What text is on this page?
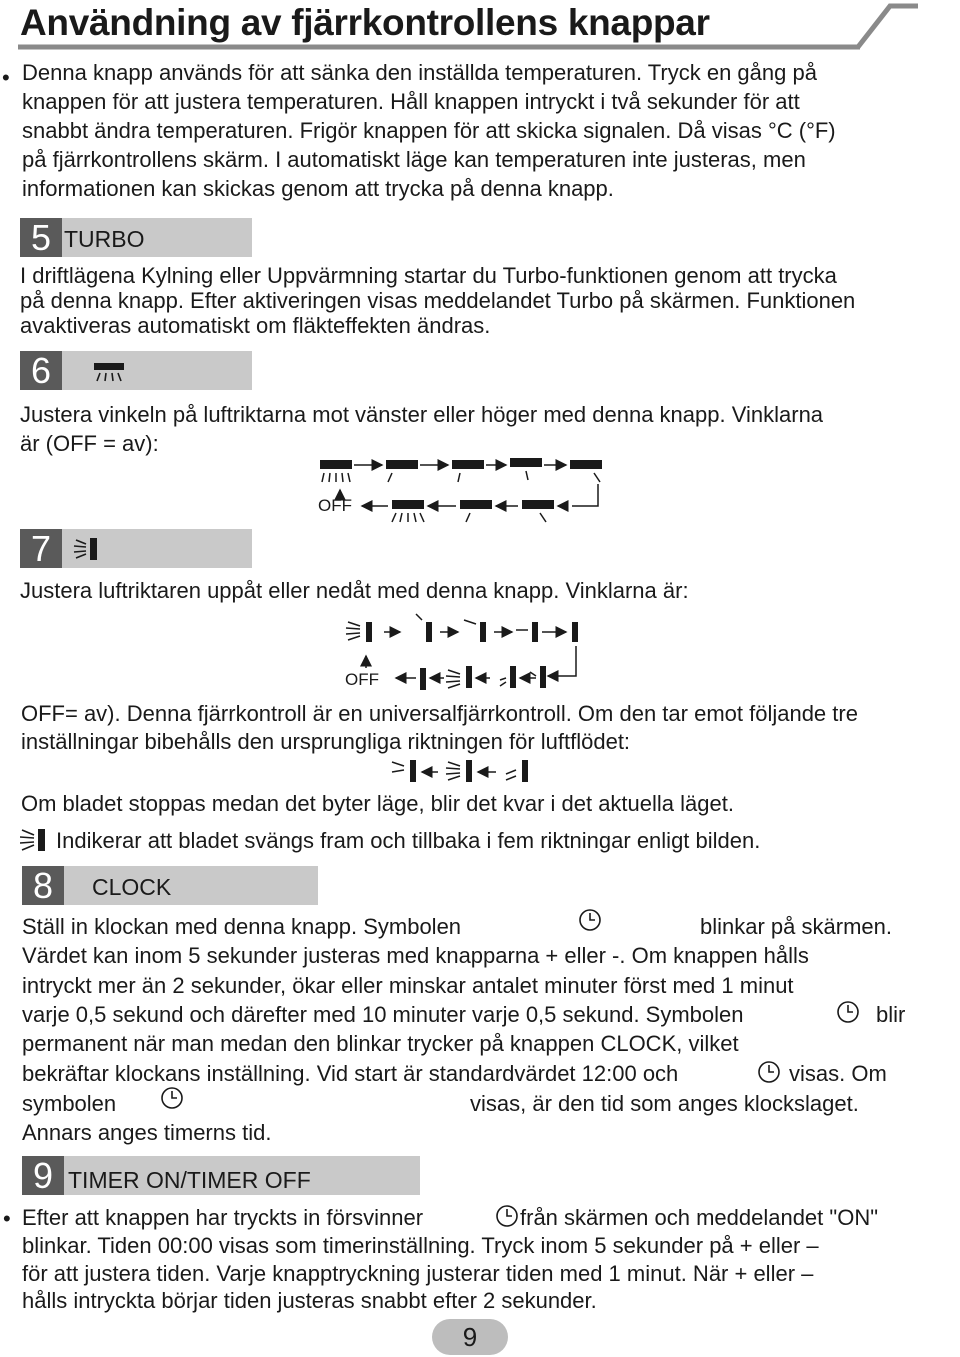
Användning av fjärrkontrollens knappar
• Denna knapp används för att sänka den inställda temperaturen. Tryck en gång på
knappen för att justera temperaturen. Håll knappen intryckt i två sekunder för att
snabbt ändra temperaturen. Frigör knappen för att skicka signalen. Då visas °C (°F)
på fjärrkontrollens skärm. I automatiskt läge kan temperaturen inte justeras, men
informationen kan skickas genom att trycka på denna knapp.
5 TURBO
I driftlägena Kylning eller Uppvärmning startar du Turbo-funktionen genom att trycka
på denna knapp. Efter aktiveringen visas meddelandet Turbo på skärmen. Funktionen
avaktiveras automatiskt om fläkteffekten ändras.
6
Justera vinkeln på luftriktarna mot vänster eller höger med denna knapp. Vinklarna
är (OFF = av):
OFF
7
Justera luftriktaren uppåt eller nedåt med denna knapp. Vinklarna är:
OFF
OFF= av). Denna fjärrkontroll är en universalfjärrkontroll. Om den tar emot följande tre
inställningar bibehålls den ursprungliga riktningen för luftflödet:
Om bladet stoppas medan det byter läge, blir det kvar i det aktuella läget.
Indikerar att bladet svängs fram och tillbaka i fem riktningar enligt bilden.
8	CLOCK
Ställ in klockan med denna knapp. Symbolen	blinkar på skärmen.
Värdet kan inom 5 sekunder justeras med knapparna + eller -. Om knappen hålls
intryckt mer än 2 sekunder, ökar eller minskar antalet minuter först med 1 minut
varje 0,5 sekund och därefter med 10 minuter varje 0,5 sekund. Symbolen	blir
permanent när man medan den blinkar trycker på knappen CLOCK, vilket
bekräftar klockans inställning. Vid start är standardvärdet 12:00 och	visas. Om
symbolen	visas, är den tid som anges klockslaget.
Annars anges timerns tid.
9 TIMER ON/TIMER OFF
• Efter att knappen har tryckts in försvinner	från skärmen och meddelandet "ON"
blinkar. Tiden 00:00 visas som timerinställning. Tryck inom 5 sekunder på + eller –
för att justera tiden. Varje knapptryckning justerar tiden med 1 minut. När + eller –
hålls intryckta börjar tiden justeras snabbt efter 2 sekunder.
9
